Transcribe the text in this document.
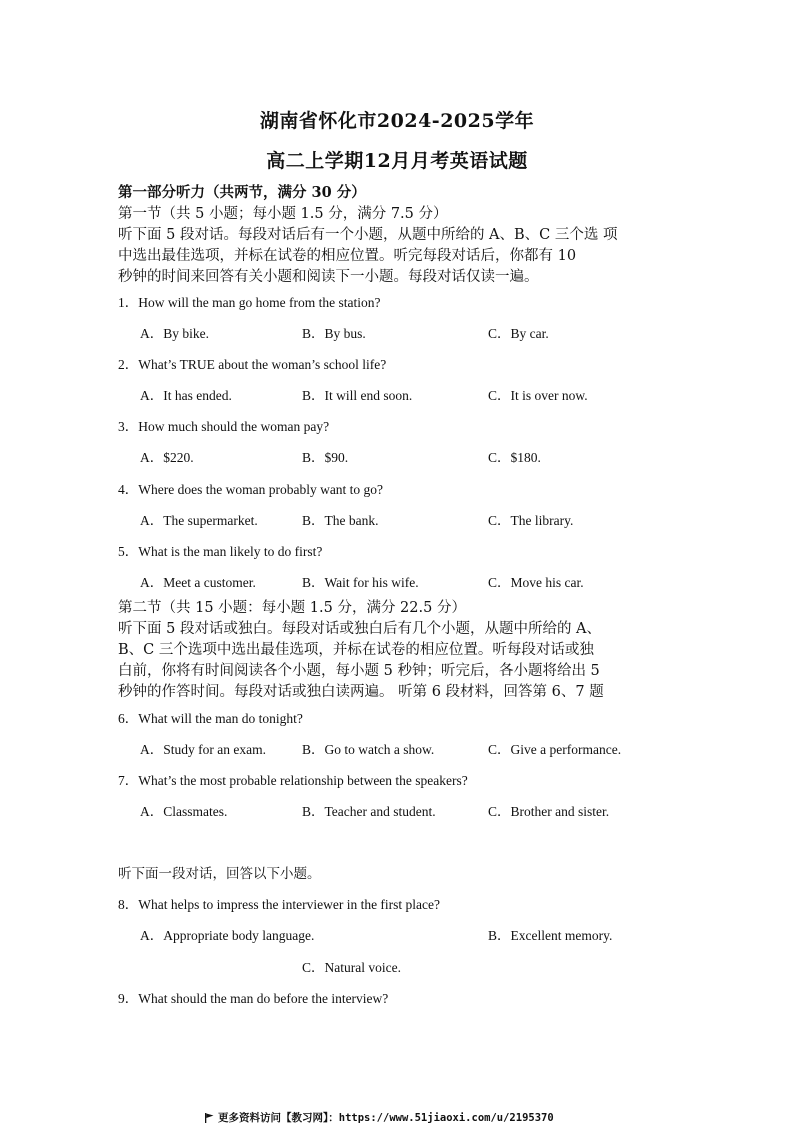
湖南省怀化市2024-2025学年
高二上学期12月月考英语试题
第一部分听力（共两节，满分 30 分）
第一节（共 5 小题；每小题 1.5 分，满分 7.5 分）
听下面 5 段对话。每段对话后有一个小题，从题中所给的 A、B、C 三个选 项
中选出最佳选项，并标在试卷的相应位置。听完每段对话后，你都有 10
秒钟的时间来回答有关小题和阅读下一小题。每段对话仅读一遍。
1．How will the man go home from the station?
A．By bike.	B．By bus.	C．By car.
2．What’s TRUE about the woman’s school life?
A．It has ended.	B．It will end soon.	C．It is over now.
3．How much should the woman pay?
A．$220.	B．$90.	C．$180.
4．Where does the woman probably want to go?
A．The supermarket.	B．The bank.	C．The library.
5．What is the man likely to do first?
A．Meet a customer.	B．Wait for his wife.	C．Move his car.
第二节（共 15 小题：每小题 1.5 分，满分 22.5 分）
听下面 5 段对话或独白。每段对话或独白后有几个小题，从题中所给的 A、
B、C 三个选项中选出最佳选项，并标在试卷的相应位置。听每段对话或独
白前，你将有时间阅读各个小题，每小题 5 秒钟；听完后，各小题将给出 5
秒钟的作答时间。每段对话或独白读两遍。 听第 6 段材料，回答第 6、7 题
6．What will the man do tonight?
A．Study for an exam.	B．Go to watch a show.	C．Give a performance.
7．What’s the most probable relationship between the speakers?
A．Classmates.	B．Teacher and student.	C．Brother and sister.
听下面一段对话，回答以下小题。
8．What helps to impress the interviewer in the first place?
A．Appropriate body language.	B．Excellent memory.
C．Natural voice.
9．What should the man do before the interview?
更多资料访问【教习网】：https://www.51jiaoxi.com/u/2195370
